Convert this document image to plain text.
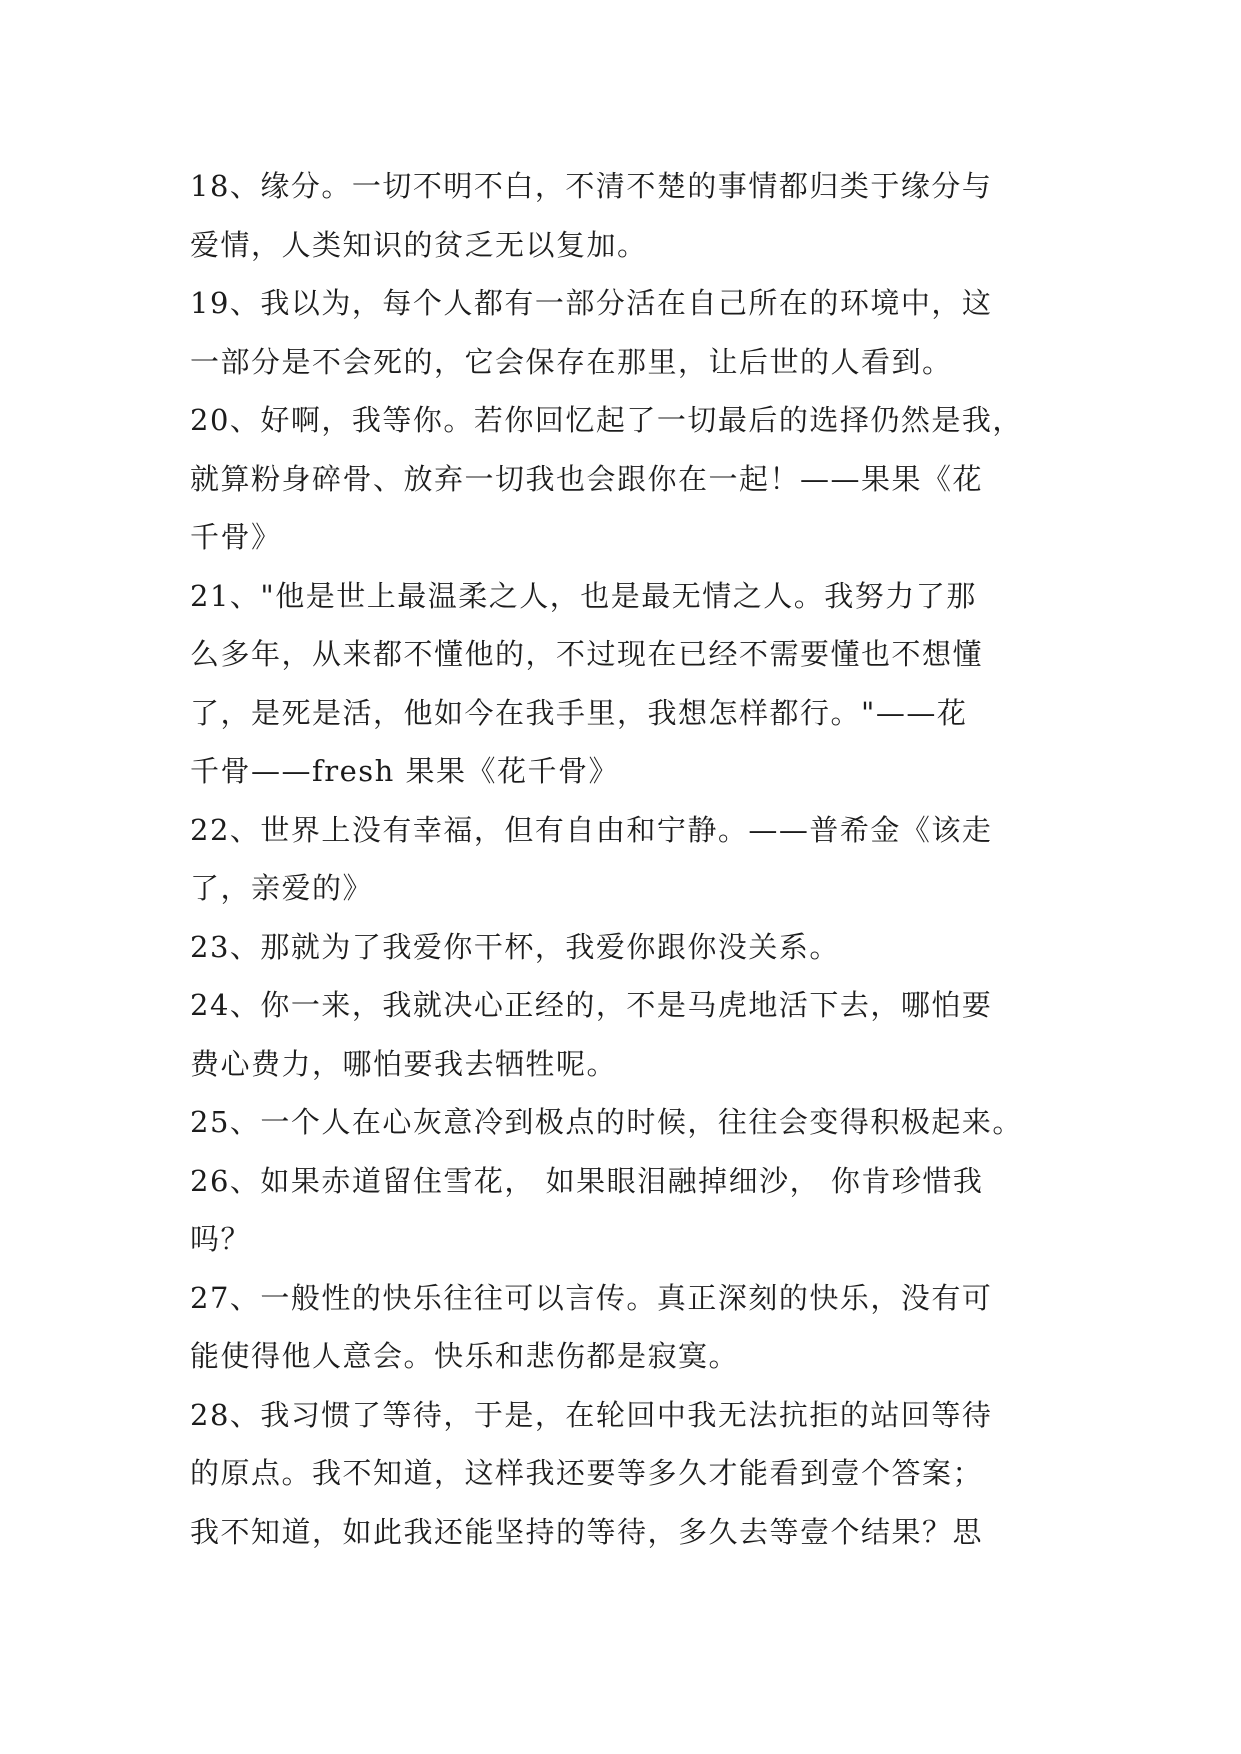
18、缘分。一切不明不白，不清不楚的事情都归类于缘分与
爱情，人类知识的贫乏无以复加。
19、我以为，每个人都有一部分活在自己所在的环境中，这
一部分是不会死的，它会保存在那里，让后世的人看到。
20、好啊，我等你。若你回忆起了一切最后的选择仍然是我，
就算粉身碎骨、放弃一切我也会跟你在一起！——果果《花
千骨》
21、"他是世上最温柔之人，也是最无情之人。我努力了那
么多年，从来都不懂他的，不过现在已经不需要懂也不想懂
了，是死是活，他如今在我手里，我想怎样都行。"——花
千骨——fresh 果果《花千骨》
22、世界上没有幸福，但有自由和宁静。——普希金《该走
了，亲爱的》
23、那就为了我爱你干杯，我爱你跟你没关系。
24、你一来，我就决心正经的，不是马虎地活下去，哪怕要
费心费力，哪怕要我去牺牲呢。
25、一个人在心灰意冷到极点的时候，往往会变得积极起来。
26、如果赤道留住雪花， 如果眼泪融掉细沙， 你肯珍惜我
吗？
27、一般性的快乐往往可以言传。真正深刻的快乐，没有可
能使得他人意会。快乐和悲伤都是寂寞。
28、我习惯了等待，于是，在轮回中我无法抗拒的站回等待
的原点。我不知道，这样我还要等多久才能看到壹个答案；
我不知道，如此我还能坚持的等待，多久去等壹个结果？思
